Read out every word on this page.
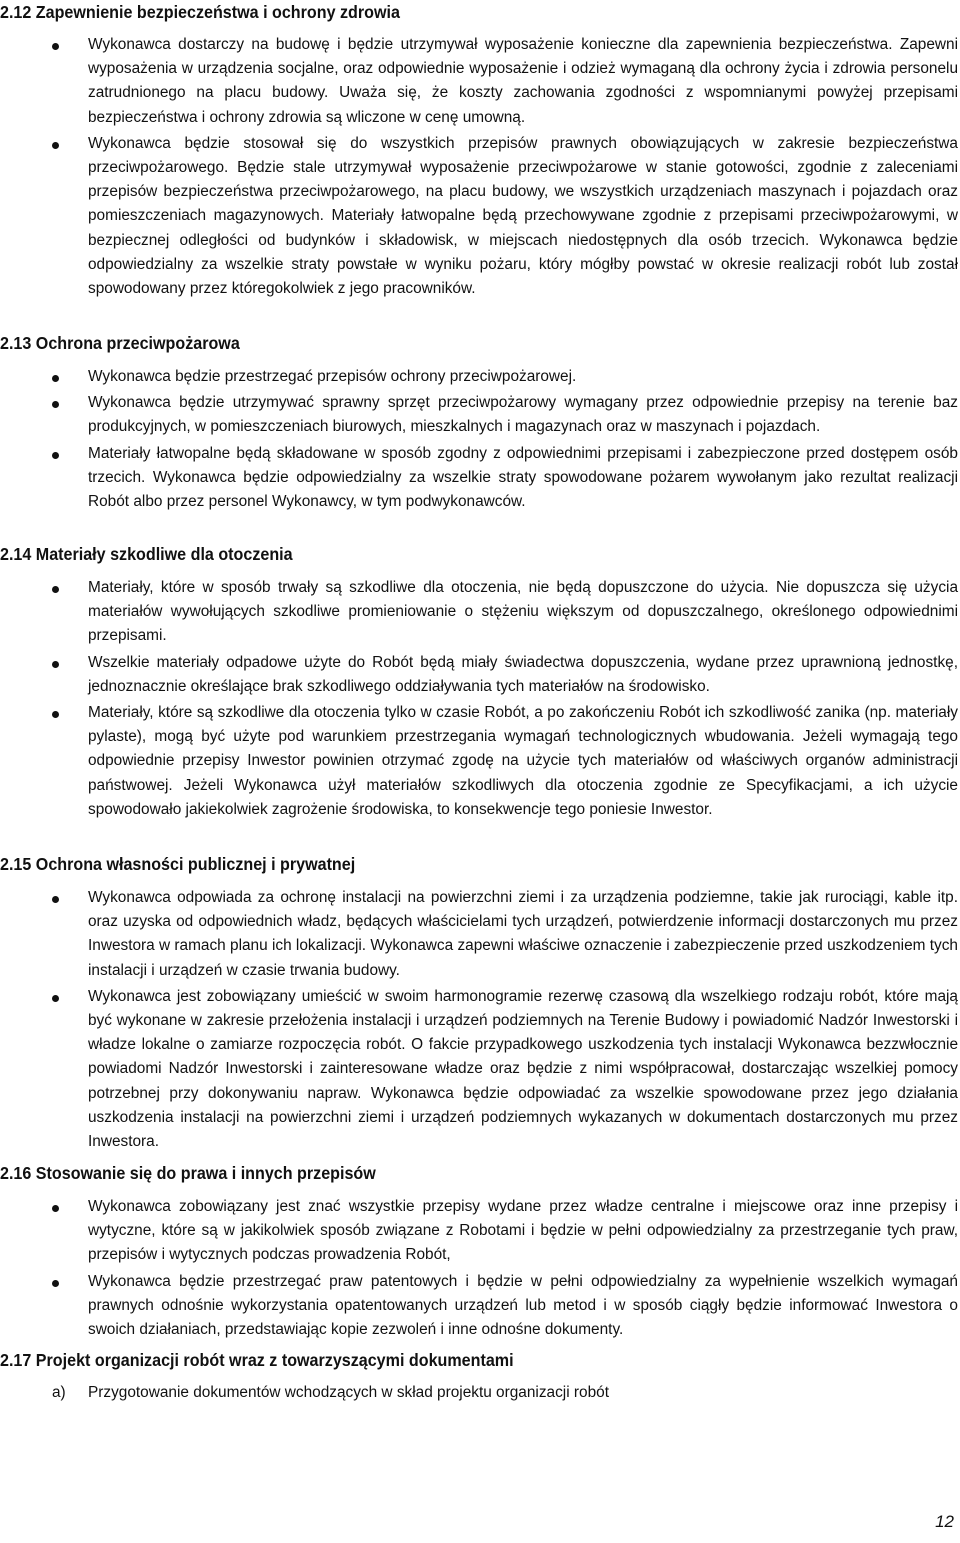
2.12 Zapewnienie bezpieczeństwa i ochrony zdrowia
Wykonawca dostarczy na budowę i będzie utrzymywał wyposażenie konieczne dla zapewnienia bezpieczeństwa. Zapewni wyposażenia w urządzenia socjalne, oraz odpowiednie wyposażenie i odzież wymaganą dla ochrony życia i zdrowia personelu zatrudnionego na placu budowy. Uważa się, że koszty zachowania zgodności z wspomnianymi powyżej przepisami bezpieczeństwa i ochrony zdrowia są wliczone w cenę umowną.
Wykonawca będzie stosował się do wszystkich przepisów prawnych obowiązujących w zakresie bezpieczeństwa przeciwpożarowego. Będzie stale utrzymywał wyposażenie przeciwpożarowe w stanie gotowości, zgodnie z zaleceniami przepisów bezpieczeństwa przeciwpożarowego, na placu budowy, we wszystkich urządzeniach maszynach i pojazdach oraz pomieszczeniach magazynowych. Materiały łatwopalne będą przechowywane zgodnie z przepisami przeciwpożarowymi, w bezpiecznej odległości od budynków i składowisk, w miejscach niedostępnych dla osób trzecich. Wykonawca będzie odpowiedzialny za wszelkie straty powstałe w wyniku pożaru, który mógłby powstać w okresie realizacji robót lub został spowodowany przez któregokolwiek z jego pracowników.
2.13 Ochrona przeciwpożarowa
Wykonawca będzie przestrzegać przepisów ochrony przeciwpożarowej.
Wykonawca będzie utrzymywać sprawny sprzęt przeciwpożarowy wymagany przez odpowiednie przepisy na terenie baz produkcyjnych, w pomieszczeniach biurowych, mieszkalnych i magazynach oraz w maszynach i pojazdach.
Materiały łatwopalne będą składowane w sposób zgodny z odpowiednimi przepisami i zabezpieczone przed dostępem osób trzecich. Wykonawca będzie odpowiedzialny za wszelkie straty spowodowane pożarem wywołanym jako rezultat realizacji Robót albo przez personel Wykonawcy, w tym podwykonawców.
2.14 Materiały szkodliwe dla otoczenia
Materiały, które w sposób trwały są szkodliwe dla otoczenia, nie będą dopuszczone do użycia. Nie dopuszcza się użycia materiałów wywołujących szkodliwe promieniowanie o stężeniu większym od dopuszczalnego, określonego odpowiednimi przepisami.
Wszelkie materiały odpadowe użyte do Robót będą miały świadectwa dopuszczenia, wydane przez uprawnioną jednostkę, jednoznacznie określające brak szkodliwego oddziaływania tych materiałów na środowisko.
Materiały, które są szkodliwe dla otoczenia tylko w czasie Robót, a po zakończeniu Robót ich szkodliwość zanika (np. materiały pylaste), mogą być użyte pod warunkiem przestrzegania wymagań technologicznych wbudowania. Jeżeli wymagają tego odpowiednie przepisy Inwestor powinien otrzymać zgodę na użycie tych materiałów od właściwych organów administracji państwowej. Jeżeli Wykonawca użył materiałów szkodliwych dla otoczenia zgodnie ze Specyfikacjami, a ich użycie spowodowało jakiekolwiek zagrożenie środowiska, to konsekwencje tego poniesie Inwestor.
2.15 Ochrona własności publicznej i prywatnej
Wykonawca odpowiada za ochronę instalacji na powierzchni ziemi i za urządzenia podziemne, takie jak rurociągi, kable itp. oraz uzyska od odpowiednich władz, będących właścicielami tych urządzeń, potwierdzenie informacji dostarczonych mu przez Inwestora w ramach planu ich lokalizacji. Wykonawca zapewni właściwe oznaczenie i zabezpieczenie przed uszkodzeniem tych instalacji i urządzeń w czasie trwania budowy.
Wykonawca jest zobowiązany umieścić w swoim harmonogramie rezerwę czasową dla wszelkiego rodzaju robót, które mają być wykonane w zakresie przełożenia instalacji i urządzeń podziemnych na Terenie Budowy i powiadomić Nadzór Inwestorski i władze lokalne o zamiarze rozpoczęcia robót. O fakcie przypadkowego uszkodzenia tych instalacji Wykonawca bezzwłocznie powiadomi Nadzór Inwestorski i zainteresowane władze oraz będzie z nimi współpracował, dostarczając wszelkiej pomocy potrzebnej przy dokonywaniu napraw. Wykonawca będzie odpowiadać za wszelkie spowodowane przez jego działania uszkodzenia instalacji na powierzchni ziemi i urządzeń podziemnych wykazanych w dokumentach dostarczonych mu przez Inwestora.
2.16 Stosowanie się do prawa i innych przepisów
Wykonawca zobowiązany jest znać wszystkie przepisy wydane przez władze centralne i miejscowe oraz inne przepisy i wytyczne, które są w jakikolwiek sposób związane z Robotami i będzie w pełni odpowiedzialny za przestrzeganie tych praw, przepisów i wytycznych podczas prowadzenia Robót,
Wykonawca będzie przestrzegać praw patentowych i będzie w pełni odpowiedzialny za wypełnienie wszelkich wymagań prawnych odnośnie wykorzystania opatentowanych urządzeń lub metod i w sposób ciągły będzie informować Inwestora o swoich działaniach, przedstawiając kopie zezwoleń i inne odnośne dokumenty.
2.17 Projekt organizacji robót wraz z towarzyszącymi dokumentami
a) Przygotowanie dokumentów wchodzących w skład projektu organizacji robót
12
